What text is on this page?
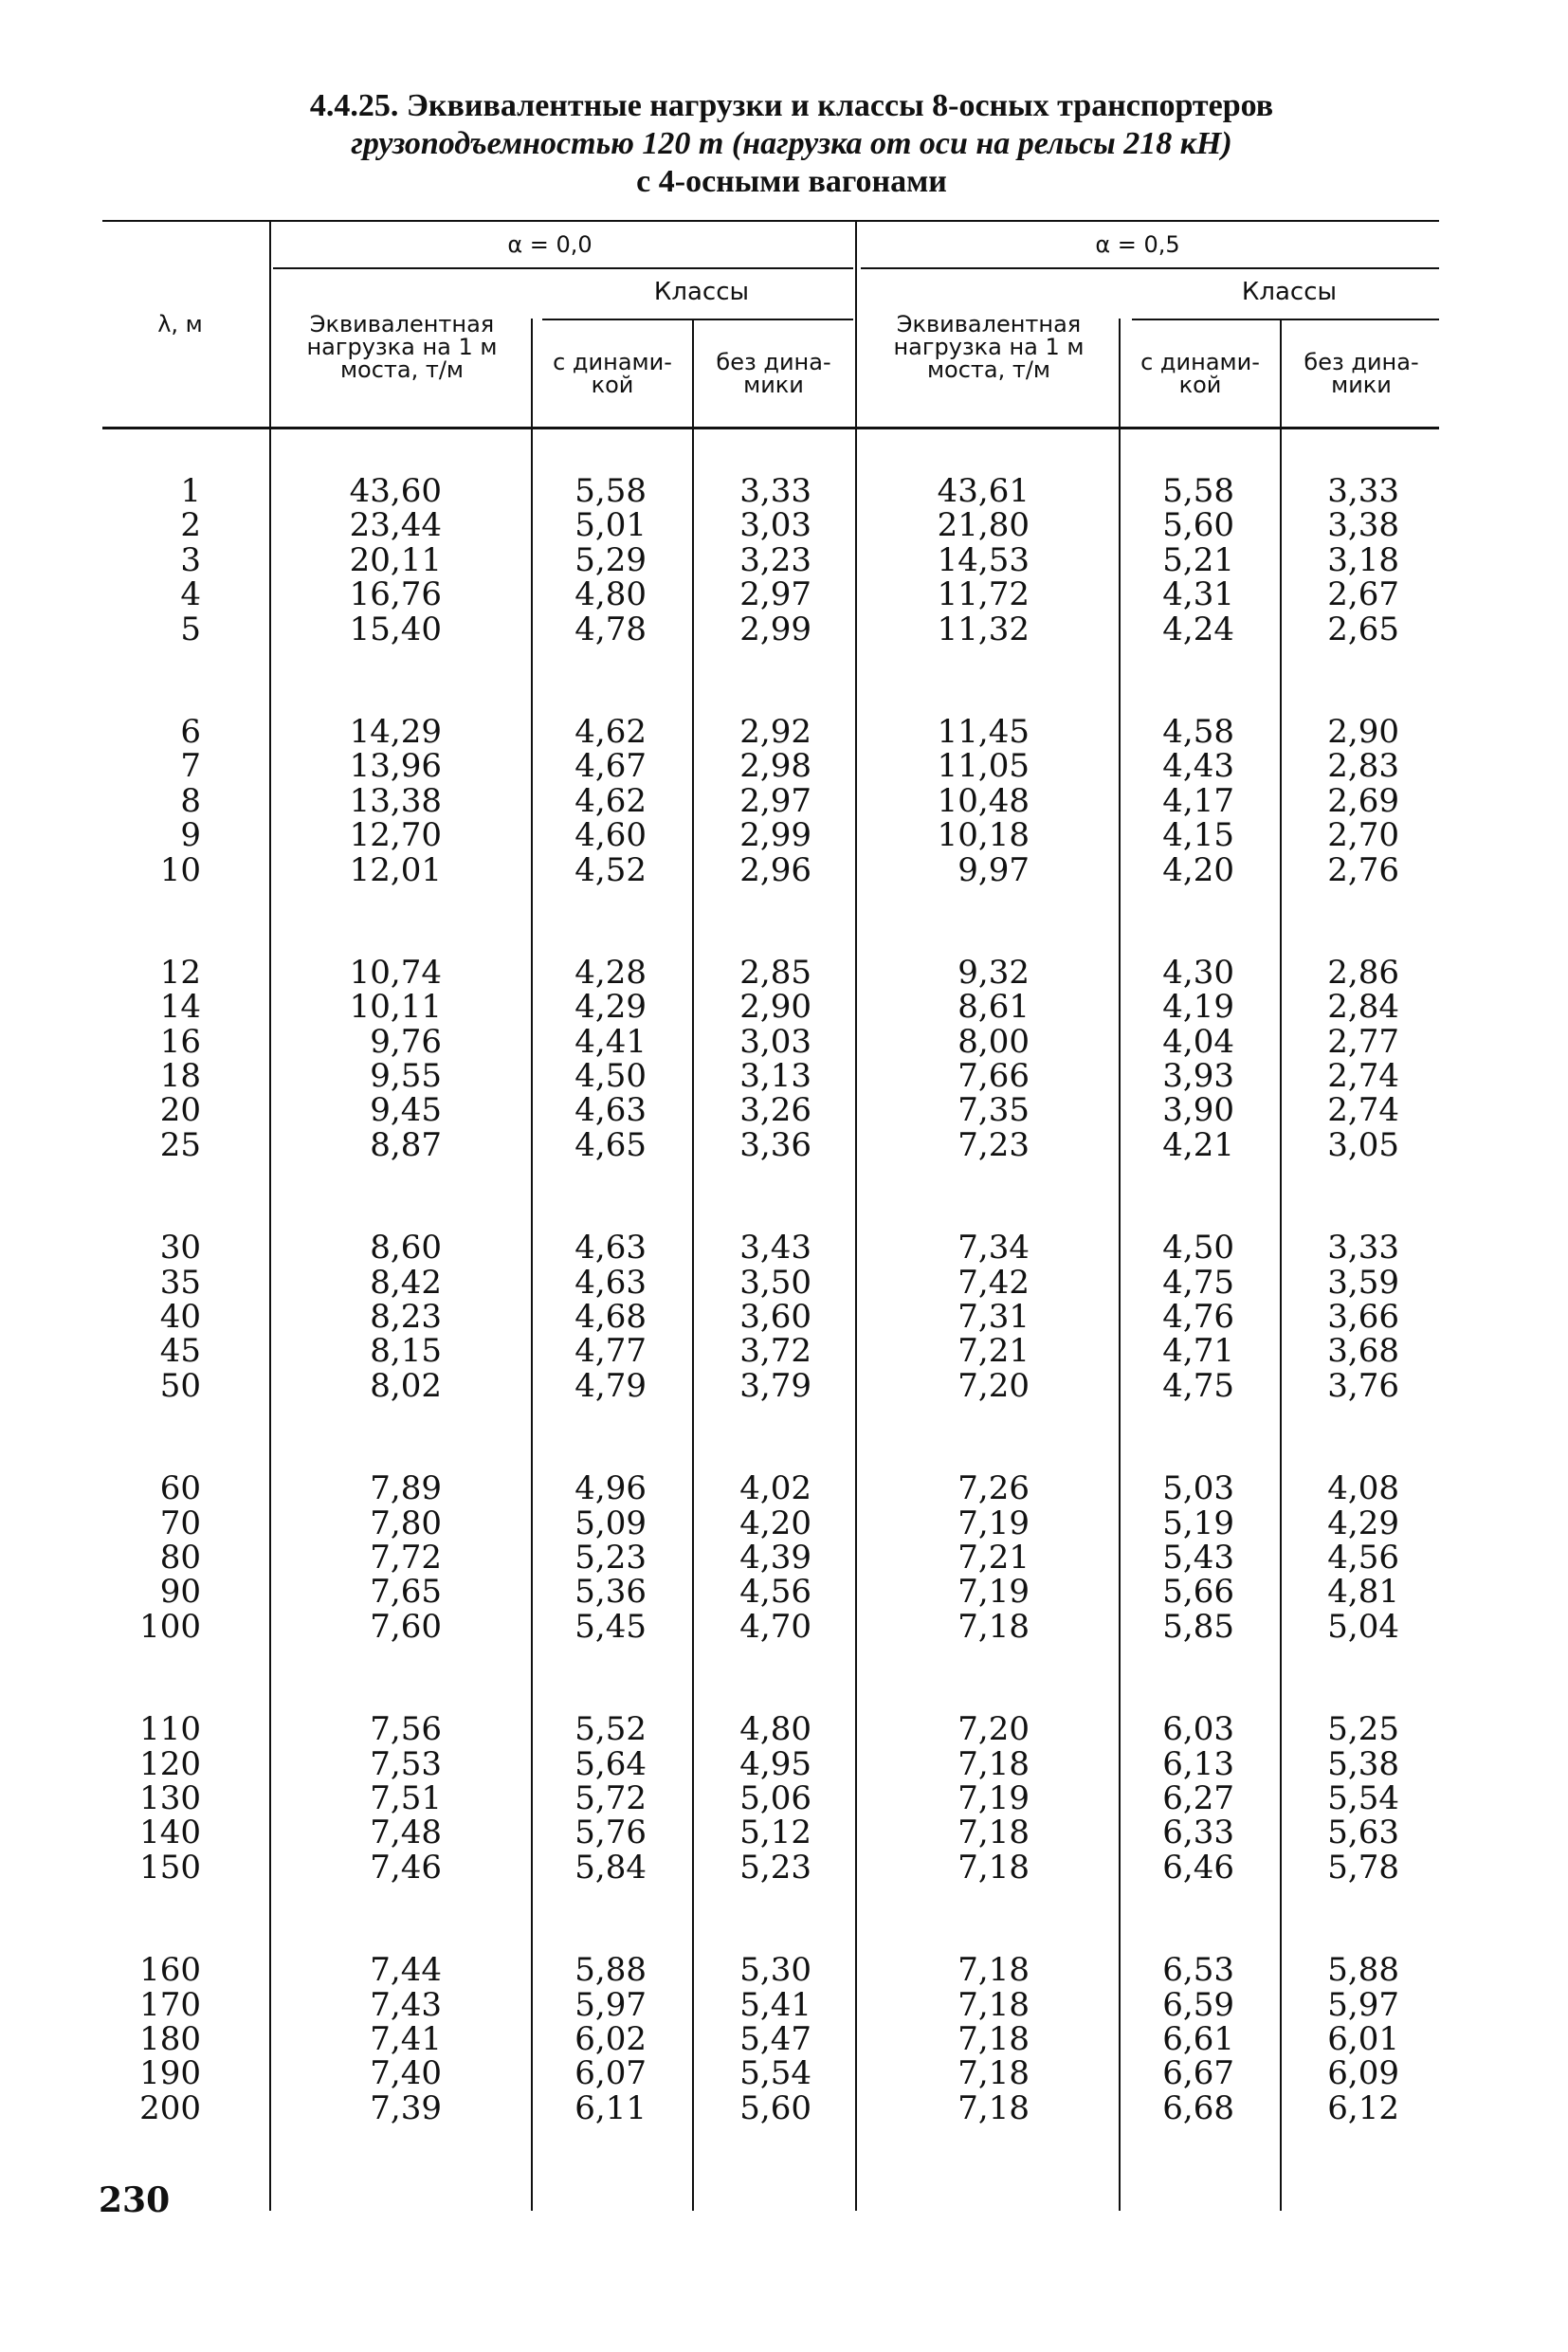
4.4.25. Эквивалентные нагрузки и классы 8-осных транспортеров
грузоподъемностью 120 т (нагрузка от оси на рельсы 218 кН)
с 4-осными вагонами
λ, м
α = 0,0	α = 0,5
Эквивалентная нагрузка на 1 м моста, т/м
Эквивалентная нагрузка на 1 м моста, т/м
Классы	Классы
с динами-кой
без дина-мики
с динами-кой
без дина-мики
1
2
3
4
5
6
7
8
9
10
12
14
16
18
20
25
30
35
40
45
50
60
70
80
90
100
110
120
130
140
150
160
170
180
190
200
43,60
23,44
20,11
16,76
15,40
14,29
13,96
13,38
12,70
12,01
10,74
10,11
9,76
9,55
9,45
8,87
8,60
8,42
8,23
8,15
8,02
7,89
7,80
7,72
7,65
7,60
7,56
7,53
7,51
7,48
7,46
7,44
7,43
7,41
7,40
7,39
5,58
5,01
5,29
4,80
4,78
4,62
4,67
4,62
4,60
4,52
4,28
4,29
4,41
4,50
4,63
4,65
4,63
4,63
4,68
4,77
4,79
4,96
5,09
5,23
5,36
5,45
5,52
5,64
5,72
5,76
5,84
5,88
5,97
6,02
6,07
6,11
3,33
3,03
3,23
2,97
2,99
2,92
2,98
2,97
2,99
2,96
2,85
2,90
3,03
3,13
3,26
3,36
3,43
3,50
3,60
3,72
3,79
4,02
4,20
4,39
4,56
4,70
4,80
4,95
5,06
5,12
5,23
5,30
5,41
5,47
5,54
5,60
43,61
21,80
14,53
11,72
11,32
11,45
11,05
10,48
10,18
9,97
9,32
8,61
8,00
7,66
7,35
7,23
7,34
7,42
7,31
7,21
7,20
7,26
7,19
7,21
7,19
7,18
7,20
7,18
7,19
7,18
7,18
7,18
7,18
7,18
7,18
7,18
5,58
5,60
5,21
4,31
4,24
4,58
4,43
4,17
4,15
4,20
4,30
4,19
4,04
3,93
3,90
4,21
4,50
4,75
4,76
4,71
4,75
5,03
5,19
5,43
5,66
5,85
6,03
6,13
6,27
6,33
6,46
6,53
6,59
6,61
6,67
6,68
3,33
3,38
3,18
2,67
2,65
2,90
2,83
2,69
2,70
2,76
2,86
2,84
2,77
2,74
2,74
3,05
3,33
3,59
3,66
3,68
3,76
4,08
4,29
4,56
4,81
5,04
5,25
5,38
5,54
5,63
5,78
5,88
5,97
6,01
6,09
6,12
230
